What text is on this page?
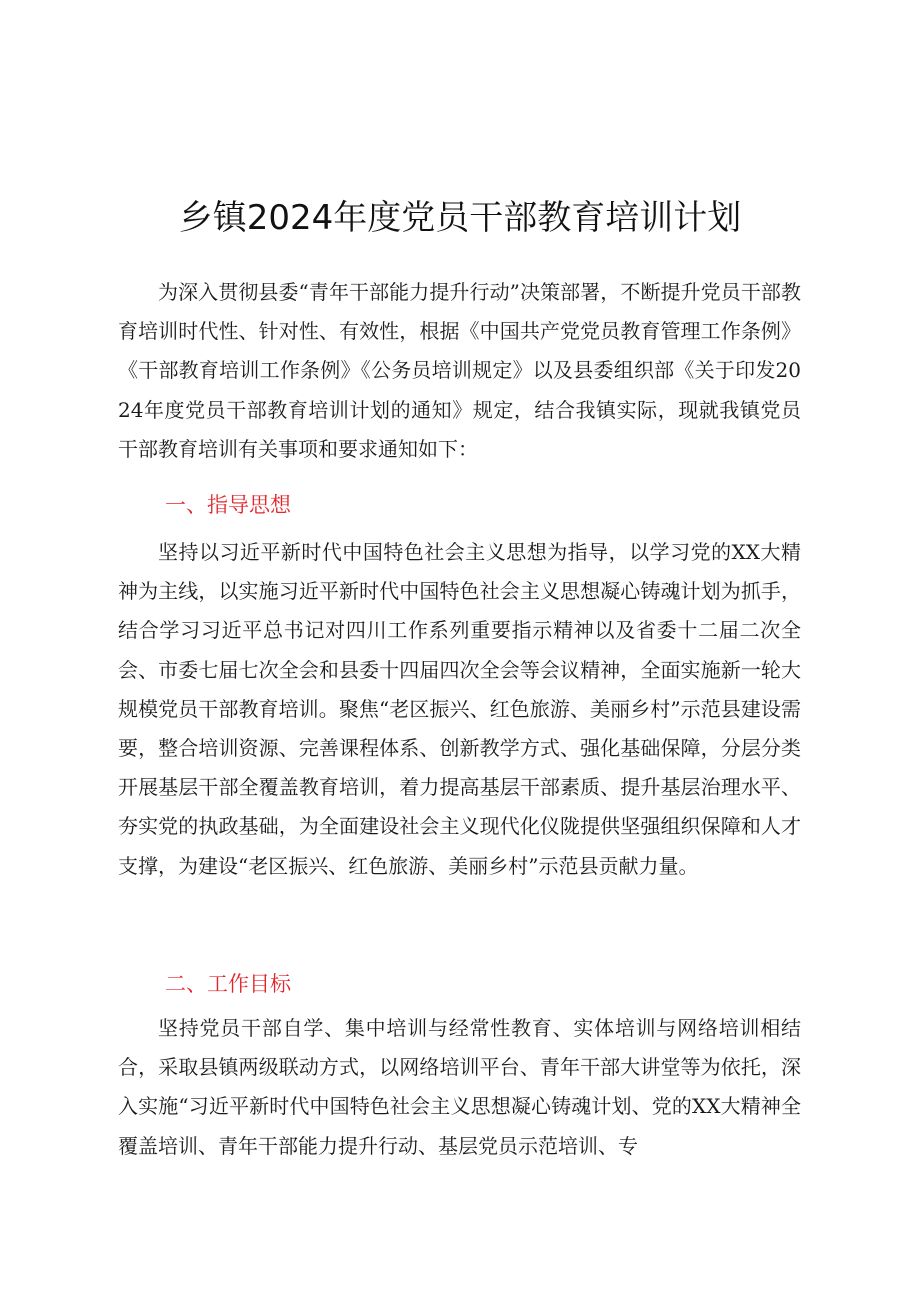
乡镇2024年度党员干部教育培训计划

为深入贯彻县委“青年干部能力提升行动”决策部署，不断提升党员干部教育培训时代性、针对性、有效性，根据《中国共产党党员教育管理工作条例》《干部教育培训工作条例》《公务员培训规定》以及县委组织部《关于印发2024年度党员干部教育培训计划的通知》规定，结合我镇实际，现就我镇党员干部教育培训有关事项和要求通知如下：

一、指导思想

坚持以习近平新时代中国特色社会主义思想为指导，以学习党的XX大精神为主线，以实施习近平新时代中国特色社会主义思想凝心铸魂计划为抓手，结合学习习近平总书记对四川工作系列重要指示精神以及省委十二届二次全会、市委七届七次全会和县委十四届四次全会等会议精神，全面实施新一轮大规模党员干部教育培训。聚焦“老区振兴、红色旅游、美丽乡村”示范县建设需要，整合培训资源、完善课程体系、创新教学方式、强化基础保障，分层分类开展基层干部全覆盖教育培训，着力提高基层干部素质、提升基层治理水平、夯实党的执政基础，为全面建设社会主义现代化仪陇提供坚强组织保障和人才支撑，为建设“老区振兴、红色旅游、美丽乡村”示范县贡献力量。

二、工作目标

坚持党员干部自学、集中培训与经常性教育、实体培训与网络培训相结合，采取县镇两级联动方式，以网络培训平台、青年干部大讲堂等为依托，深入实施“习近平新时代中国特色社会主义思想凝心铸魂计划、党的XX大精神全覆盖培训、青年干部能力提升行动、基层党员示范培训、专
